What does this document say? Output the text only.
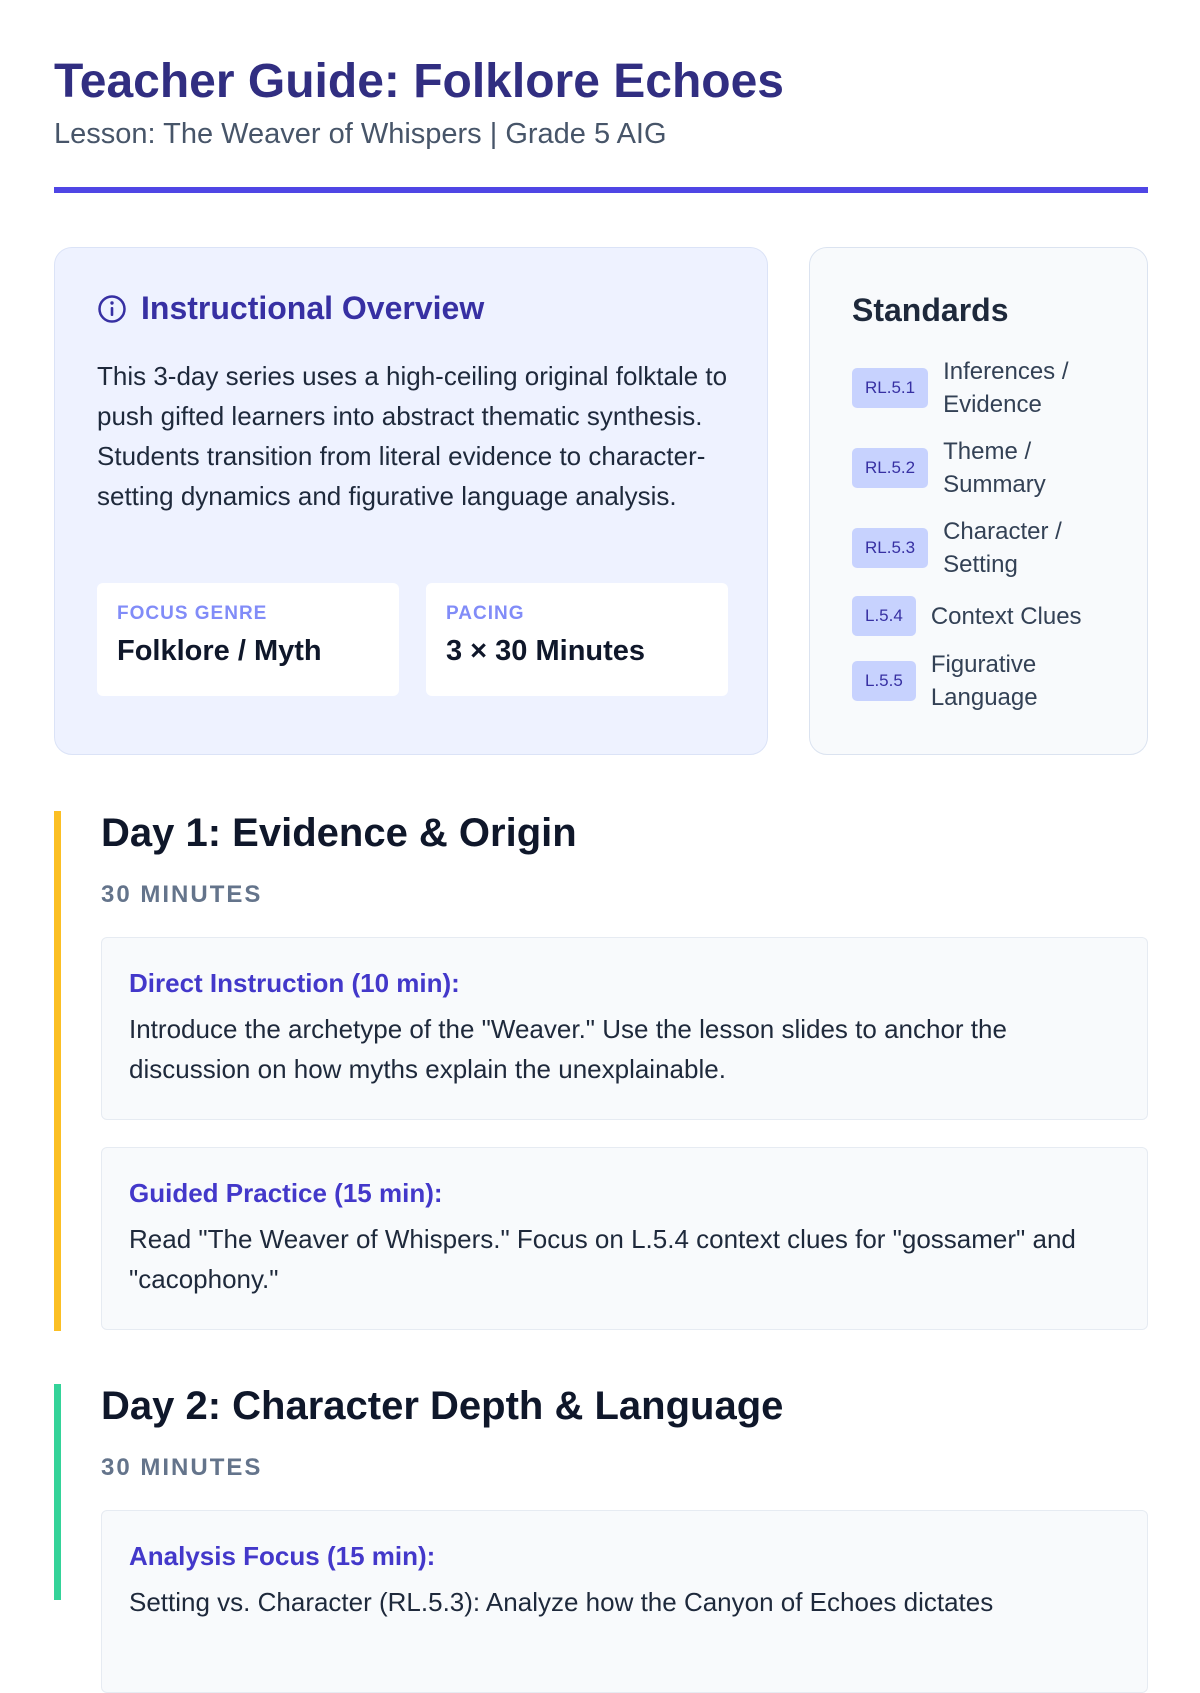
Teacher Guide: Folklore Echoes
Lesson: The Weaver of Whispers | Grade 5 AIG
Instructional Overview

This 3-day series uses a high-ceiling original folktale to push gifted learners into abstract thematic synthesis. Students transition from literal evidence to character-setting dynamics and figurative language analysis.

FOCUS GENRE
Folklore / Myth
PACING
3 × 30 Minutes
Standards
RL.5.1
Inferences / Evidence
RL.5.2
Theme / Summary
RL.5.3
Character / Setting
L.5.4	Context Clues
L.5.5
Figurative Language
Day 1: Evidence & Origin
30 MINUTES
Direct Instruction (10 min):
Introduce the archetype of the "Weaver." Use the lesson slides to anchor the discussion on how myths explain the unexplainable.
Guided Practice (15 min):
Read "The Weaver of Whispers." Focus on L.5.4 context clues for "gossamer" and "cacophony."
Day 2: Character Depth & Language
30 MINUTES
Analysis Focus (15 min):
Setting vs. Character (RL.5.3): Analyze how the Canyon of Echoes dictates
